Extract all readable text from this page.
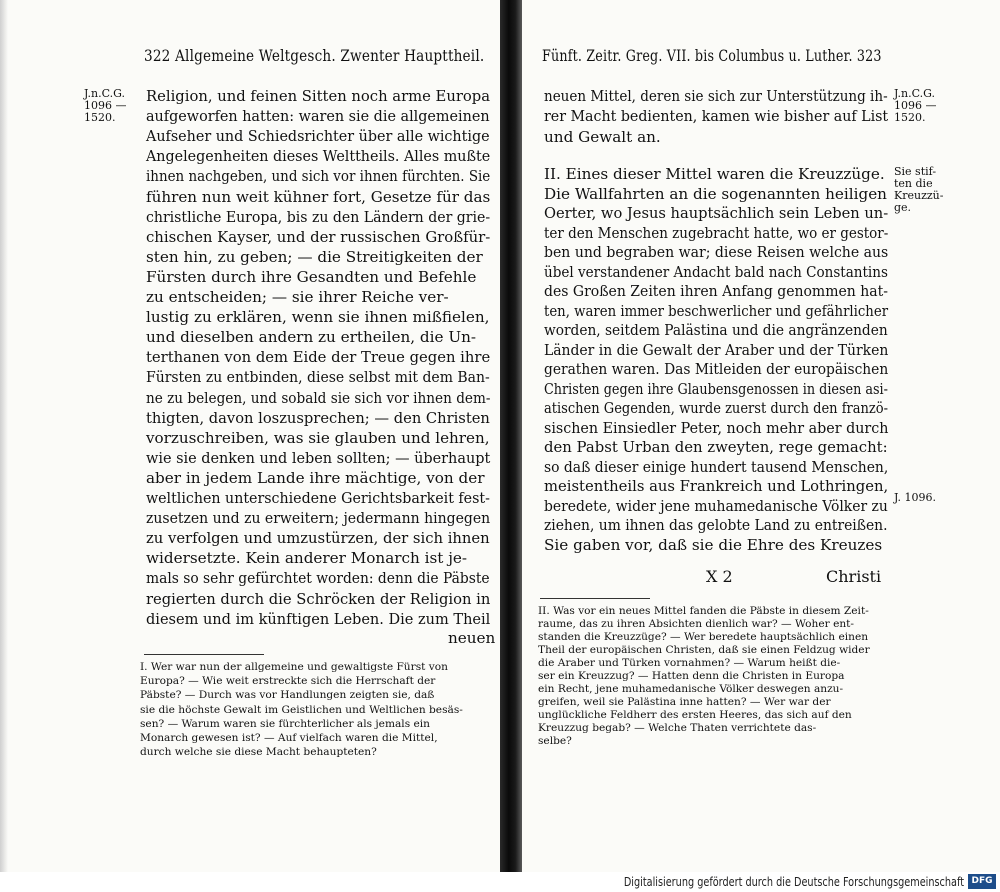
322 Allgemeine Weltgesch. Zwenter Haupttheil.
J.n.C.G.
1096 —
1520.
Religion, und feinen Sitten noch arme Europa
aufgeworfen hatten: waren sie die allgemeinen
Aufseher und Schiedsrichter über alle wichtige
Angelegenheiten dieses Welttheils. Alles mußte
ihnen nachgeben, und sich vor ihnen fürchten. Sie
führen nun weit kühner fort, Gesetze für das
christliche Europa, bis zu den Ländern der grie-
chischen Kayser, und der russischen Großfür-
sten hin, zu geben; — die Streitigkeiten der
Fürsten durch ihre Gesandten und Befehle
zu entscheiden; — sie ihrer Reiche ver-
lustig zu erklären, wenn sie ihnen mißfielen,
und dieselben andern zu ertheilen, die Un-
terthanen von dem Eide der Treue gegen ihre
Fürsten zu entbinden, diese selbst mit dem Ban-
ne zu belegen, und sobald sie sich vor ihnen dem-
thigten, davon loszusprechen; — den Christen
vorzuschreiben, was sie glauben und lehren,
wie sie denken und leben sollten; — überhaupt
aber in jedem Lande ihre mächtige, von der
weltlichen unterschiedene Gerichtsbarkeit fest-
zusetzen und zu erweitern; jedermann hingegen
zu verfolgen und umzustürzen, der sich ihnen
widersetzte. Kein anderer Monarch ist je-
mals so sehr gefürchtet worden: denn die Päbste
regierten durch die Schröcken der Religion in
diesem und im künftigen Leben. Die zum Theil
neuen
I. Wer war nun der allgemeine und gewaltigste Fürst von
Europa? — Wie weit erstreckte sich die Herrschaft der
Päbste? — Durch was vor Handlungen zeigten sie, daß
sie die höchste Gewalt im Geistlichen und Weltlichen besäs-
sen? — Warum waren sie fürchterlicher als jemals ein
Monarch gewesen ist? — Auf vielfach waren die Mittel,
durch welche sie diese Macht behaupteten?
Fünft. Zeitr. Greg. VII. bis Columbus u. Luther. 323
J.n.C.G.
1096 —
1520.
Sie stif-
ten die
Kreuzzü-
ge.
J. 1096.
neuen Mittel, deren sie sich zur Unterstützung ih-
rer Macht bedienten, kamen wie bisher auf List
und Gewalt an.
II. Eines dieser Mittel waren die Kreuzzüge.
Die Wallfahrten an die sogenannten heiligen
Oerter, wo Jesus hauptsächlich sein Leben un-
ter den Menschen zugebracht hatte, wo er gestor-
ben und begraben war; diese Reisen welche aus
übel verstandener Andacht bald nach Constantins
des Großen Zeiten ihren Anfang genommen hat-
ten, waren immer beschwerlicher und gefährlicher
worden, seitdem Palästina und die angränzenden
Länder in die Gewalt der Araber und der Türken
gerathen waren. Das Mitleiden der europäischen
Christen gegen ihre Glaubensgenossen in diesen asi-
atischen Gegenden, wurde zuerst durch den franzö-
sischen Einsiedler Peter, noch mehr aber durch
den Pabst Urban den zweyten, rege gemacht:
so daß dieser einige hundert tausend Menschen,
meistentheils aus Frankreich und Lothringen,
beredete, wider jene muhamedanische Völker zu
ziehen, um ihnen das gelobte Land zu entreißen.
Sie gaben vor, daß sie die Ehre des Kreuzes
X 2	Christi
II. Was vor ein neues Mittel fanden die Päbste in diesem Zeit-
raume, das zu ihren Absichten dienlich war? — Woher ent-
standen die Kreuzzüge? — Wer beredete hauptsächlich einen
Theil der europäischen Christen, daß sie einen Feldzug wider
die Araber und Türken vornahmen? — Warum heißt die-
ser ein Kreuzzug? — Hatten denn die Christen in Europa
ein Recht, jene muhamedanische Völker deswegen anzu-
greifen, weil sie Palästina inne hatten? — Wer war der
unglückliche Feldherr des ersten Heeres, das sich auf den
Kreuzzug begab? — Welche Thaten verrichtete das-
selbe?
Digitalisierung gefördert durch die Deutsche Forschungsgemeinschaft DFG
